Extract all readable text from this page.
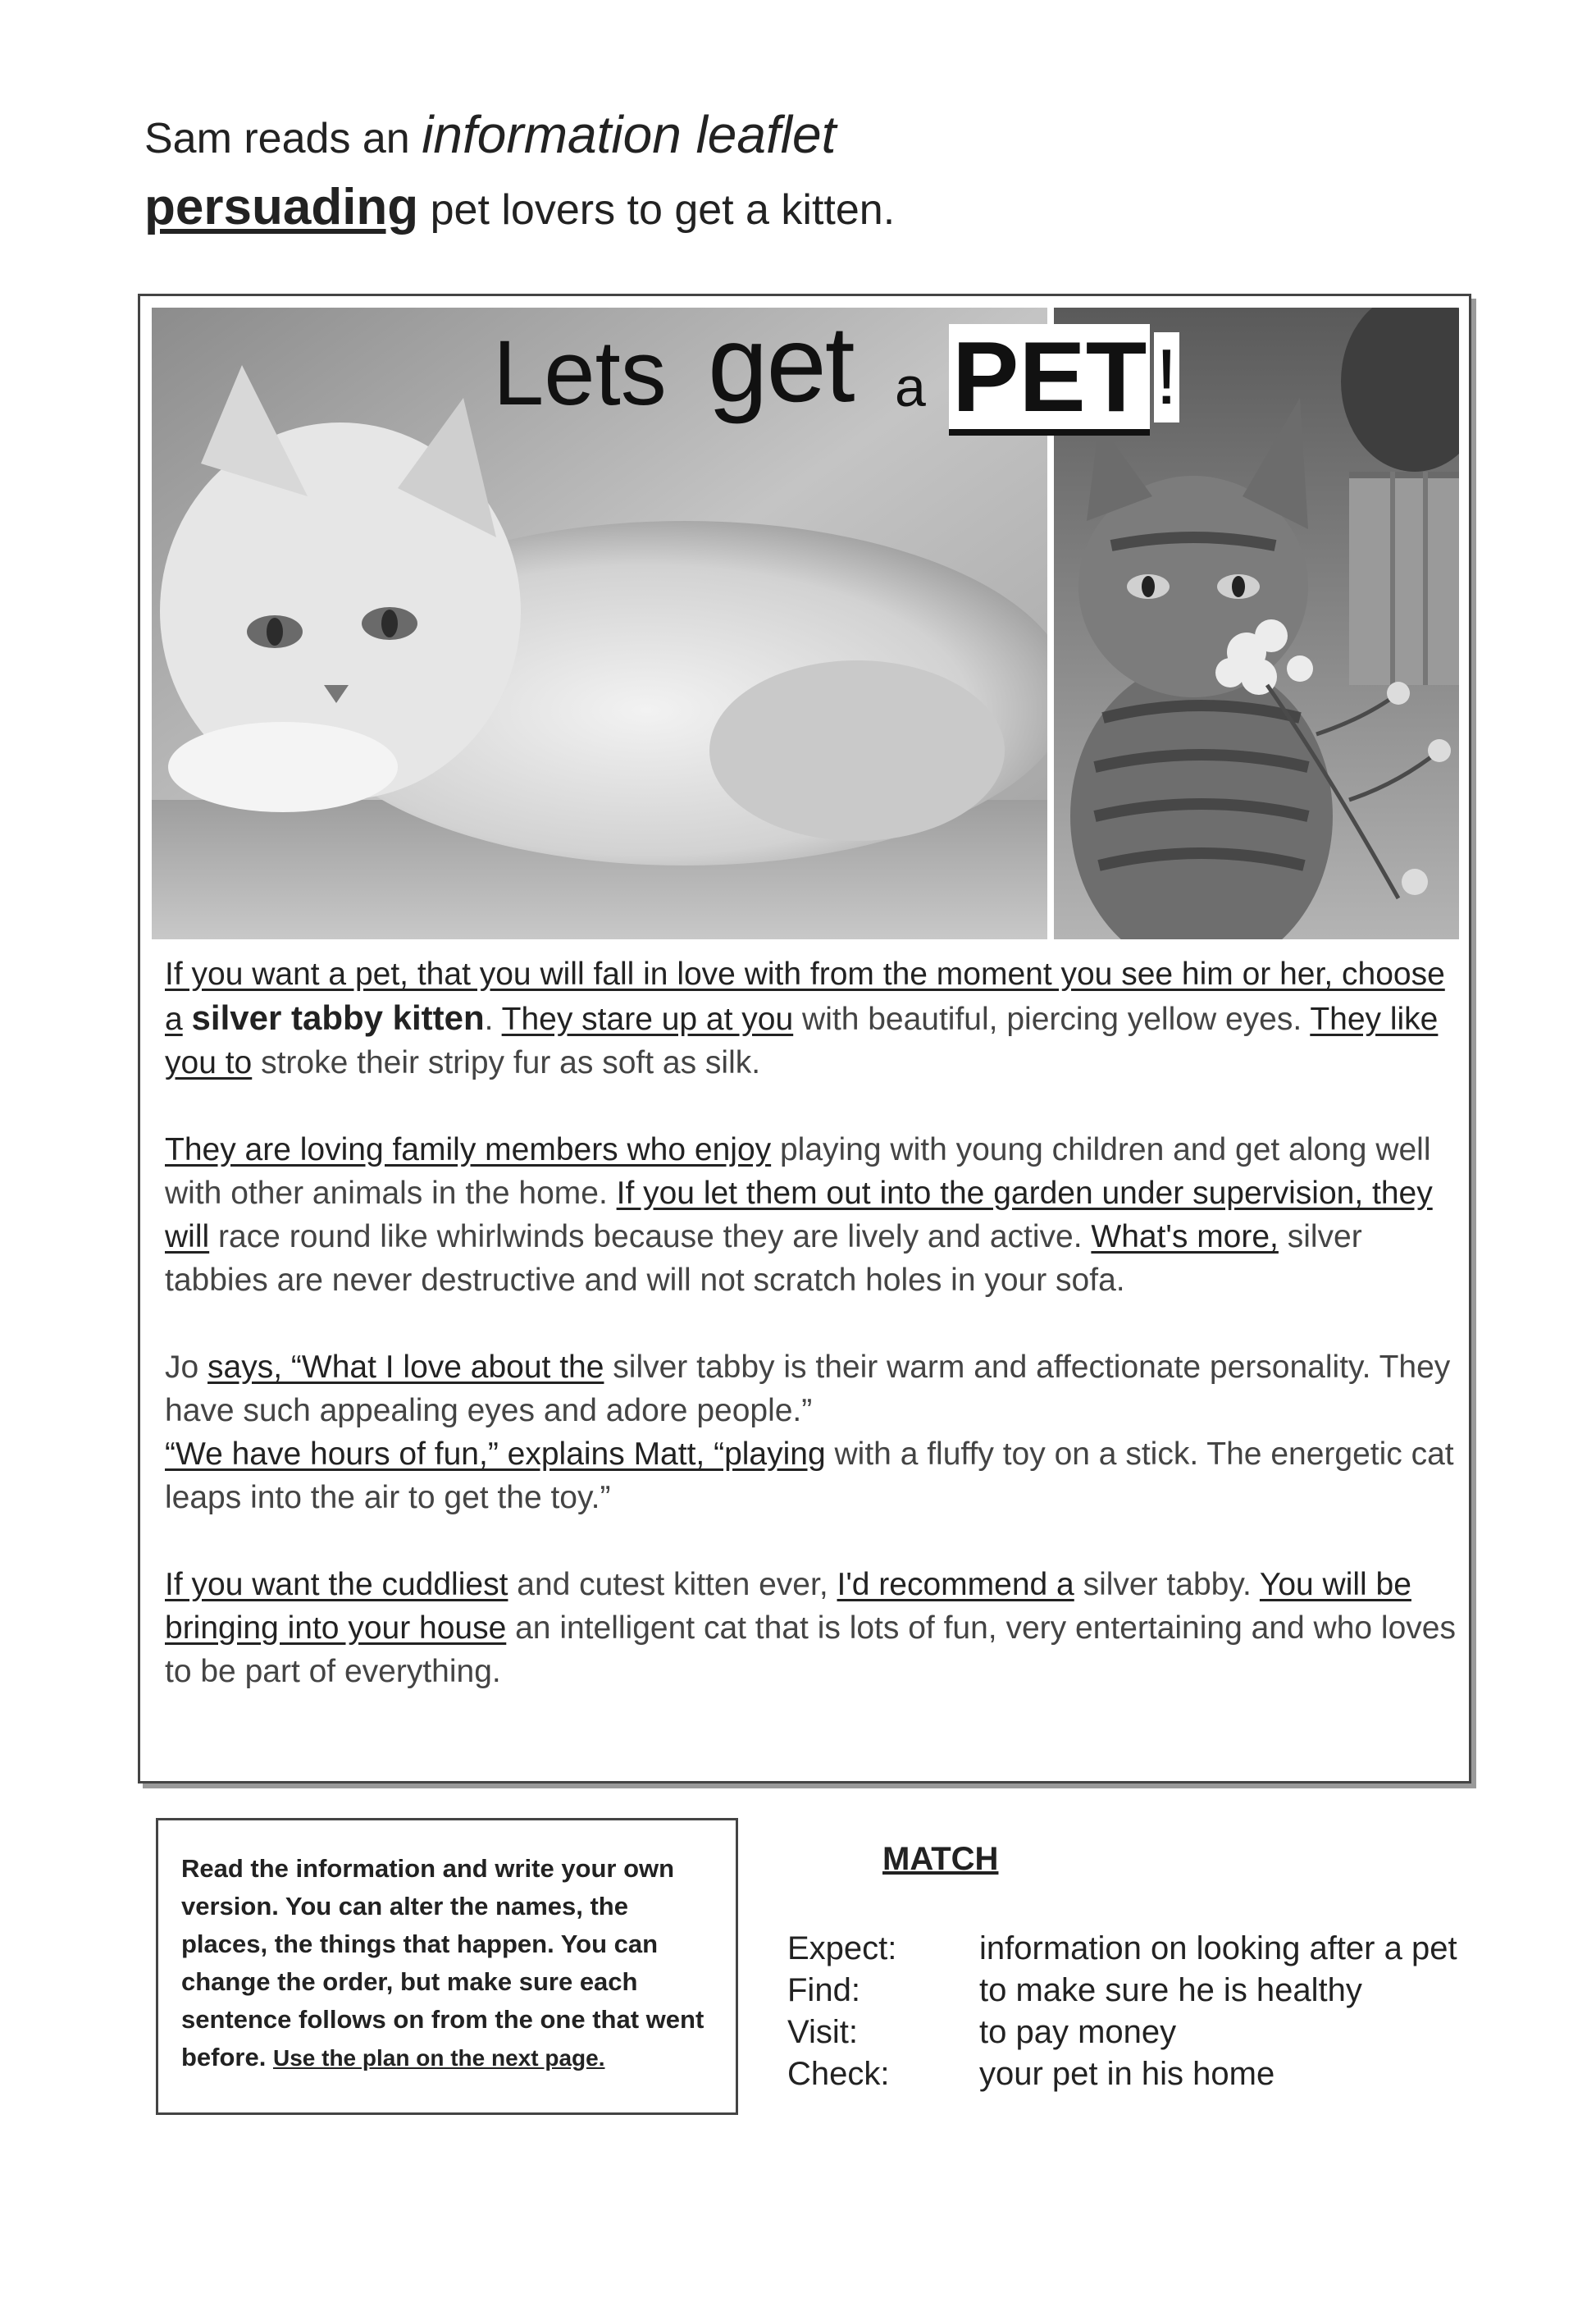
Sam reads an information leaflet
persuading pet lovers to get a kitten.
Lets get a PET !

If you want a pet, that you will fall in love with from the moment you see him or her, choose a silver tabby kitten. They stare up at you with beautiful, piercing yellow eyes. They like you to stroke their stripy fur as soft as silk.

They are loving family members who enjoy playing with young children and get along well with other animals in the home. If you let them out into the garden under supervision, they will race round like whirlwinds because they are lively and active. What's more, silver tabbies are never destructive and will not scratch holes in your sofa.

Jo says, “What I love about the silver tabby is their warm and affectionate personality. They have such appealing eyes and adore people.”
“We have hours of fun,” explains Matt, “playing with a fluffy toy on a stick. The energetic cat leaps into the air to get the toy.”

If you want the cuddliest and cutest kitten ever, I'd recommend a silver tabby. You will be bringing into your house an intelligent cat that is lots of fun, very entertaining and who loves to be part of everything.

Read the information and write your own version. You can alter the names, the places, the things that happen. You can change the order, but make sure each sentence follows on from the one that went before. Use the plan on the next page.
MATCH
Expect:	information on looking after a pet
Find:	to make sure he is healthy
Visit:	to pay money
Check:	your pet in his home
